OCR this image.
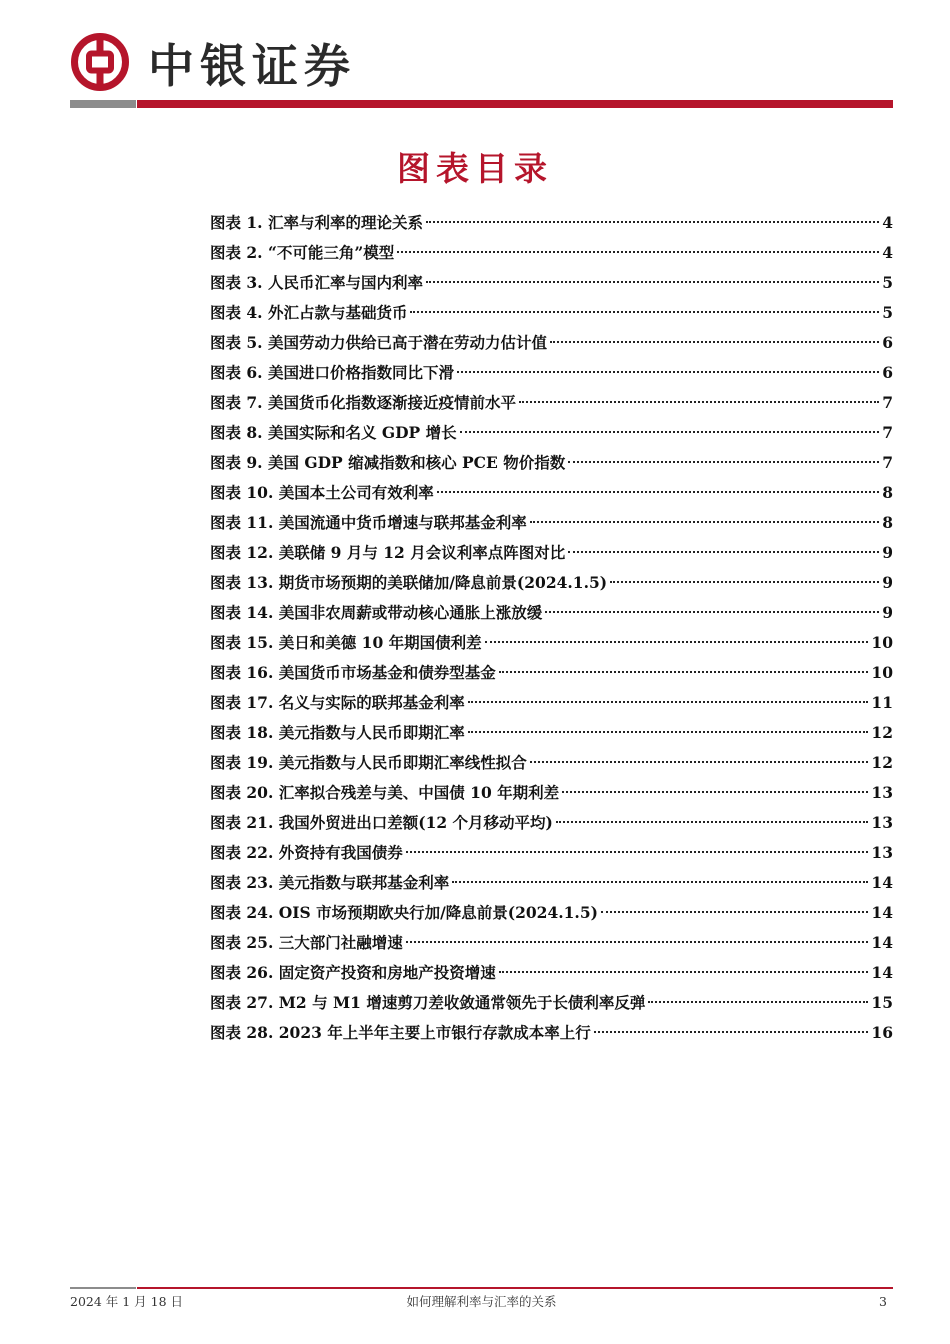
中银证券
图表目录
图表 1. 汇率与利率的理论关系	4
图表 2. “不可能三角”模型	4
图表 3. 人民币汇率与国内利率	5
图表 4. 外汇占款与基础货币	5
图表 5. 美国劳动力供给已高于潜在劳动力估计值	6
图表 6. 美国进口价格指数同比下滑	6
图表 7. 美国货币化指数逐渐接近疫情前水平	7
图表 8. 美国实际和名义 GDP 增长	7
图表 9. 美国 GDP 缩减指数和核心 PCE 物价指数	7
图表 10. 美国本土公司有效利率	8
图表 11. 美国流通中货币增速与联邦基金利率	8
图表 12. 美联储 9 月与 12 月会议利率点阵图对比	9
图表 13. 期货市场预期的美联储加/降息前景(2024.1.5)	9
图表 14. 美国非农周薪或带动核心通胀上涨放缓	9
图表 15. 美日和美德 10 年期国债利差	10
图表 16. 美国货币市场基金和债券型基金	10
图表 17. 名义与实际的联邦基金利率	11
图表 18. 美元指数与人民币即期汇率	12
图表 19. 美元指数与人民币即期汇率线性拟合	12
图表 20. 汇率拟合残差与美、中国债 10 年期利差	13
图表 21. 我国外贸进出口差额(12 个月移动平均)	13
图表 22. 外资持有我国债券	13
图表 23. 美元指数与联邦基金利率	14
图表 24. OIS 市场预期欧央行加/降息前景(2024.1.5)	14
图表 25. 三大部门社融增速	14
图表 26. 固定资产投资和房地产投资增速	14
图表 27. M2 与 M1 增速剪刀差收敛通常领先于长债利率反弹	15
图表 28. 2023 年上半年主要上市银行存款成本率上行	16
2024 年 1 月 18 日	如何理解利率与汇率的关系	3
